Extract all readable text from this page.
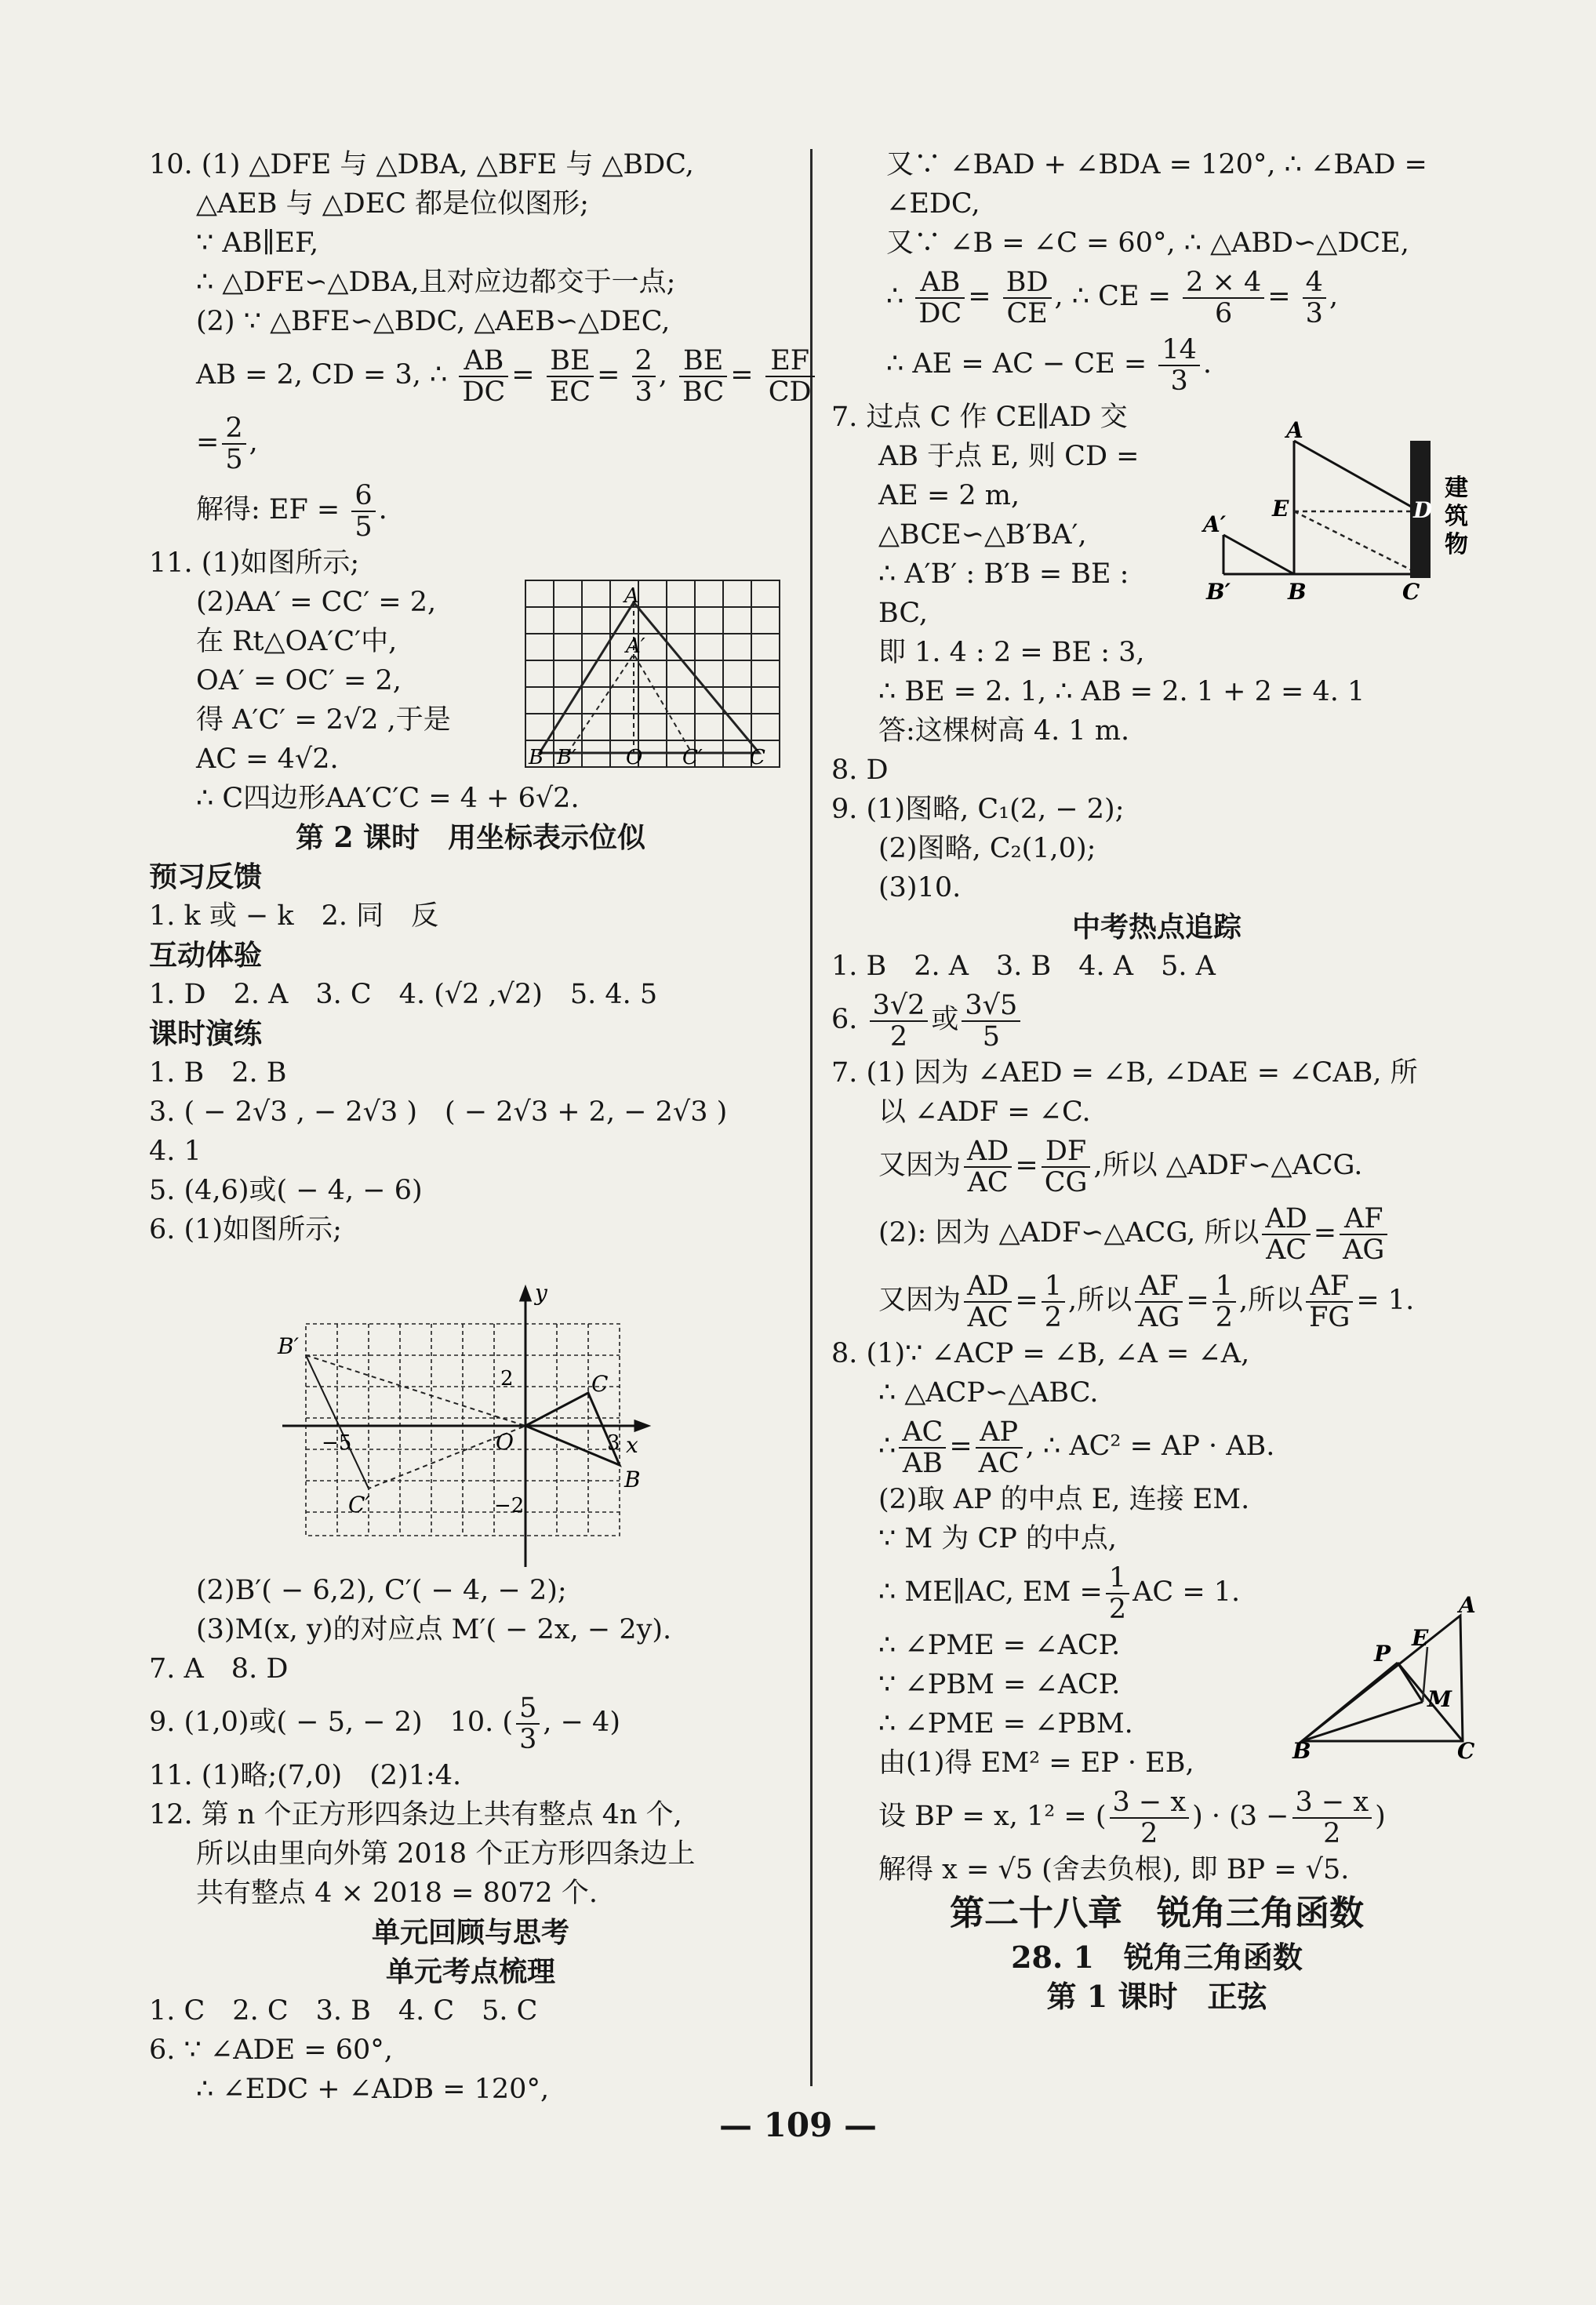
10. (1) △DFE 与 △DBA, △BFE 与 △BDC,
△AEB 与 △DEC 都是位似图形;
∵ AB∥EF,
∴ △DFE∽△DBA,且对应边都交于一点;
(2) ∵ △BFE∽△BDC, △AEB∽△DEC,
AB = 2, CD = 3, ∴ $\frac{AB}{DC} = \frac{BE}{EC} = \frac{2}{3}$ , $\frac{BE}{BC} = \frac{EF}{CD}$
= $\frac{2}{5}$ ,
解得: EF = $\frac{6}{5}$ .
11. (1)如图所示;
(2)AA′ = CC′ = 2,
在 Rt△OA′C′中,
OA′ = OC′ = 2,
得 A′C′ = 2√2 ,于是
AC = 4√2.
∴ C四边形AA′C′C = 4 + 6√2.
第 2 课时　用坐标表示位似
预习反馈
1. k 或 − k　2. 同　反
互动体验
1. D　2. A　3. C　4. (√2 ,√2)　5. 4. 5
课时演练
1. B　2. B
3. ( − 2√3 , − 2√3 )　( − 2√3 + 2, − 2√3 )
4. 1
5. (4,6)或( − 4, − 6)
6. (1)如图所示;
(2)B′( − 6,2), C′( − 4, − 2);
(3)M(x, y)的对应点 M′( − 2x, − 2y).
7. A　8. D
9. (1,0)或( − 5, − 2)　10. ( $\frac{5}{3}$ , − 4)
11. (1)略;(7,0)　(2)1:4.
12. 第 n 个正方形四条边上共有整点 4n 个,
所以由里向外第 2018 个正方形四条边上
共有整点 4 × 2018 = 8072 个.
单元回顾与思考
单元考点梳理
1. C　2. C　3. B　4. C　5. C
6. ∵ ∠ADE = 60°,
∴ ∠EDC + ∠ADB = 120°,
A
A′
B B′ O C′ C
y
x
B′
C
O
B
C′
2
−5	3
−2
又∵ ∠BAD + ∠BDA = 120°, ∴ ∠BAD =
∠EDC,
又∵ ∠B = ∠C = 60°, ∴ △ABD∽△DCE,
∴ $\frac{AB}{DC} = \frac{BD}{CE}$ , ∴ CE = $\frac{2 \times 4}{6} = \frac{4}{3}$ ,
∴ AE = AC − CE = $\frac{14}{3}$ .
7. 过点 C 作 CE∥AD 交
AB 于点 E, 则 CD =
AE = 2 m,
△BCE∽△B′BA′,
∴ A′B′ : B′B = BE :
BC,
即 1. 4 : 2 = BE : 3,
∴ BE = 2. 1, ∴ AB = 2. 1 + 2 = 4. 1
答:这棵树高 4. 1 m.
8. D
9. (1)图略, C₁(2, − 2);
(2)图略, C₂(1,0);
(3)10.
中考热点追踪
1. B　2. A　3. B　4. A　5. A
6. $\frac{3√2}{2}$ 或 $\frac{3√5}{5}$
7. (1) 因为 ∠AED = ∠B, ∠DAE = ∠CAB, 所
以 ∠ADF = ∠C.
又因为 $\frac{AD}{AC} = \frac{DF}{CG}$ ,所以 △ADF∽△ACG.
(2): 因为 △ADF∽△ACG, 所以 $\frac{AD}{AC} = \frac{AF}{AG}$
又因为 $\frac{AD}{AC} = \frac{1}{2}$ ,所以 $\frac{AF}{AG} = \frac{1}{2}$ ,所以 $\frac{AF}{FG} = 1$.
8. (1)∵ ∠ACP = ∠B, ∠A = ∠A,
∴ △ACP∽△ABC.
∴ $\frac{AC}{AB} = \frac{AP}{AC}$ , ∴ AC² = AP · AB.
(2)取 AP 的中点 E, 连接 EM.
∵ M 为 CP 的中点,
∴ ME∥AC, EM = $\frac{1}{2}$ AC = 1.
∴ ∠PME = ∠ACP.
∵ ∠PBM = ∠ACP.
∴ ∠PME = ∠PBM.
由(1)得 EM² = EP · EB,
设 BP = x, 1² = ( $\frac{3 - x}{2}$ ) · ($3 - \frac{3 - x}{2}$ )
解得 x = √5 (舍去负根), 即 BP = √5.
第二十八章　锐角三角函数
28. 1　锐角三角函数
第 1 课时　正弦
A
A′
E	D
B′	B	C
建
筑
物
E
A
P
M
B	C
— 109 —
